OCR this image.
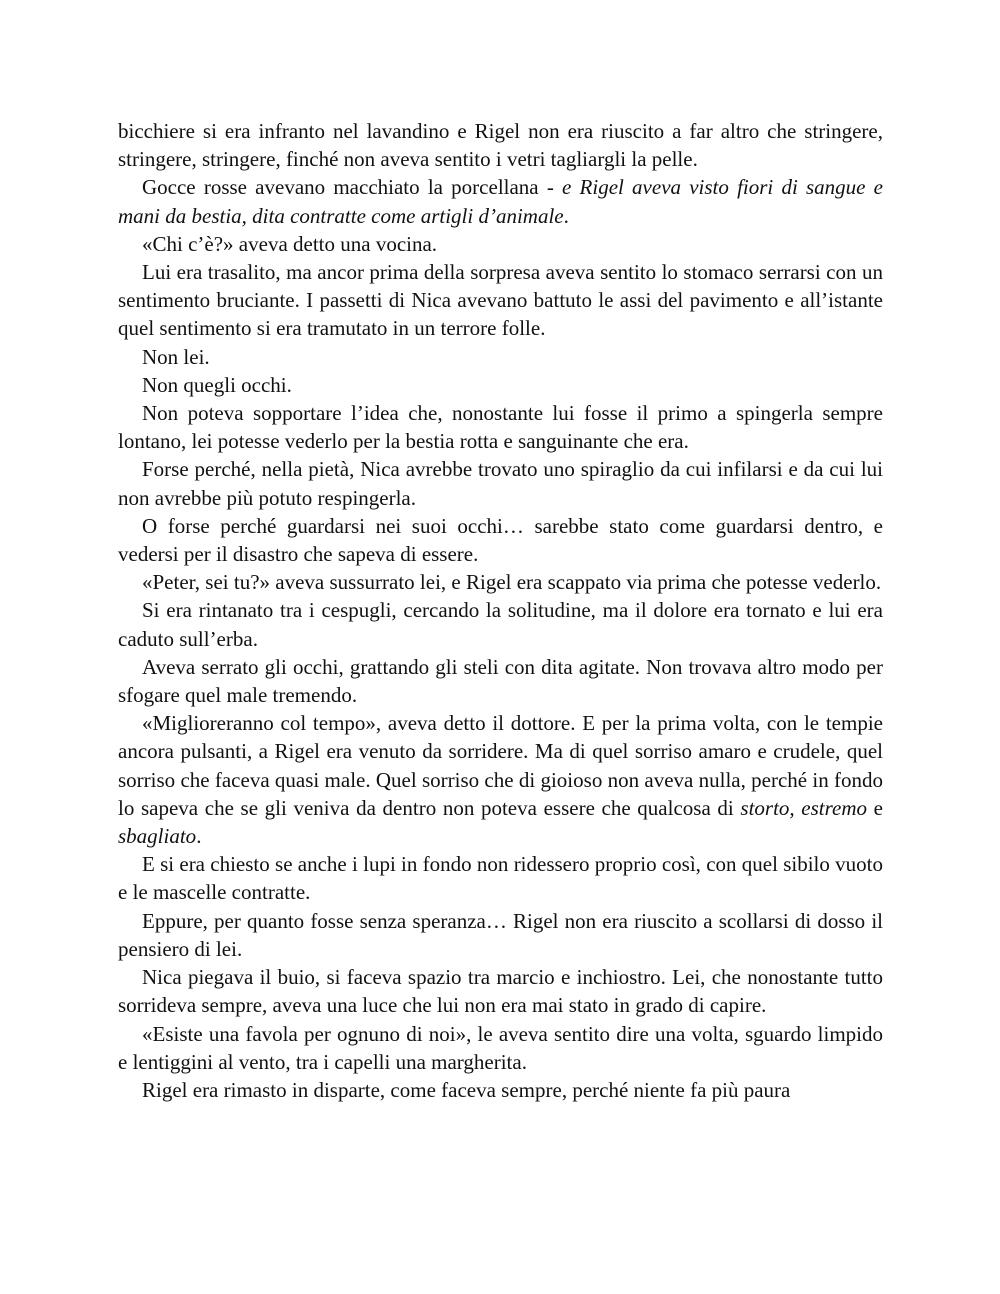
bicchiere si era infranto nel lavandino e Rigel non era riuscito a far altro che stringere, stringere, stringere, finché non aveva sentito i vetri tagliargli la pelle.

Gocce rosse avevano macchiato la porcellana - e Rigel aveva visto fiori di sangue e mani da bestia, dita contratte come artigli d’animale.

«Chi c’è?» aveva detto una vocina.

Lui era trasalito, ma ancor prima della sorpresa aveva sentito lo stomaco serrarsi con un sentimento bruciante. I passetti di Nica avevano battuto le assi del pavimento e all’istante quel sentimento si era tramutato in un terrore folle.

Non lei.

Non quegli occhi.

Non poteva sopportare l’idea che, nonostante lui fosse il primo a spingerla sempre lontano, lei potesse vederlo per la bestia rotta e sanguinante che era.

Forse perché, nella pietà, Nica avrebbe trovato uno spiraglio da cui infilarsi e da cui lui non avrebbe più potuto respingerla.

O forse perché guardarsi nei suoi occhi… sarebbe stato come guardarsi dentro, e vedersi per il disastro che sapeva di essere.

«Peter, sei tu?» aveva sussurrato lei, e Rigel era scappato via prima che potesse vederlo.

Si era rintanato tra i cespugli, cercando la solitudine, ma il dolore era tornato e lui era caduto sull’erba.

Aveva serrato gli occhi, grattando gli steli con dita agitate. Non trovava altro modo per sfogare quel male tremendo.

«Miglioreranno col tempo», aveva detto il dottore. E per la prima volta, con le tempie ancora pulsanti, a Rigel era venuto da sorridere. Ma di quel sorriso amaro e crudele, quel sorriso che faceva quasi male. Quel sorriso che di gioioso non aveva nulla, perché in fondo lo sapeva che se gli veniva da dentro non poteva essere che qualcosa di storto, estremo e sbagliato.

E si era chiesto se anche i lupi in fondo non ridessero proprio così, con quel sibilo vuoto e le mascelle contratte.

Eppure, per quanto fosse senza speranza… Rigel non era riuscito a scollarsi di dosso il pensiero di lei.

Nica piegava il buio, si faceva spazio tra marcio e inchiostro. Lei, che nonostante tutto sorrideva sempre, aveva una luce che lui non era mai stato in grado di capire.

«Esiste una favola per ognuno di noi», le aveva sentito dire una volta, sguardo limpido e lentiggini al vento, tra i capelli una margherita.

Rigel era rimasto in disparte, come faceva sempre, perché niente fa più paura
